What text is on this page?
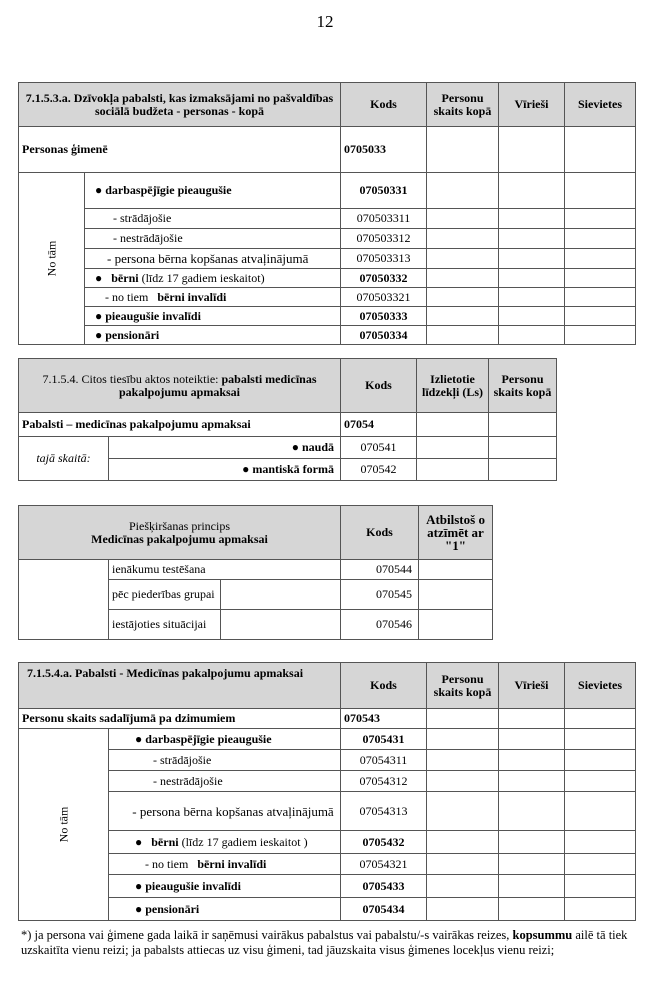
12
7.1.5.3.a. Dzīvokļa pabalsti, kas izmaksājami no pašvaldības sociālā budžeta - personas - kopā		Kods	Personu skaits kopā	Vīrieši	Sievietes
Personas ģimenē		0705033			
No tām	● darbaspējīgie pieaugušie	07050331			
	- strādājošie	070503311			
	- nestrādājošie	070503312			
	- persona bērna kopšanas atvaļinājumā	070503313			
	● bērni (līdz 17 gadiem ieskaitot)	07050332			
	- no tiem bērni invalīdi	070503321			
	● pieaugušie invalīdi	07050333			
	● pensionāri	07050334			
7.1.5.4. Citos tiesību aktos noteiktie: pabalsti medicīnas pakalpojumu apmaksai		Kods	Izlietotie līdzekļi (Ls)	Personu skaits kopā
Pabalsti – medicīnas pakalpojumu apmaksai		07054		
tajā skaitā:	● naudā	070541		
	● mantiskā formā	070542		
Piešķiršanas princips
Medicīnas pakalpojumu apmaksai			Kods	Atbilstoš o atzīmēt ar "1"
	ienākumu testēšana		070544	
	pēc piederības grupai		070545	
	iestājoties situācijai		070546	
7.1.5.4.a. Pabalsti - Medicīnas pakalpojumu apmaksai		Kods	Personu skaits kopā	Vīrieši	Sievietes
Personu skaits sadalījumā pa dzimumiem		070543			
No tām	● darbaspējīgie pieaugušie	0705431			
	- strādājošie	07054311			
	- nestrādājošie	07054312			
	- persona bērna kopšanas atvaļinājumā	07054313			
	● bērni (līdz 17 gadiem ieskaitot )	0705432			
	- no tiem bērni invalīdi	07054321			
	● pieaugušie invalīdi	0705433			
	● pensionāri	0705434			
*) ja persona vai ģimene gada laikā ir saņēmusi vairākus pabalstus vai pabalstu/-s vairākas reizes, kopsummu ailē tā tiek uzskaitīta vienu reizi; ja pabalsts attiecas uz visu ģimeni, tad jāuzskaita visus ģimenes locekļus vienu reizi;
